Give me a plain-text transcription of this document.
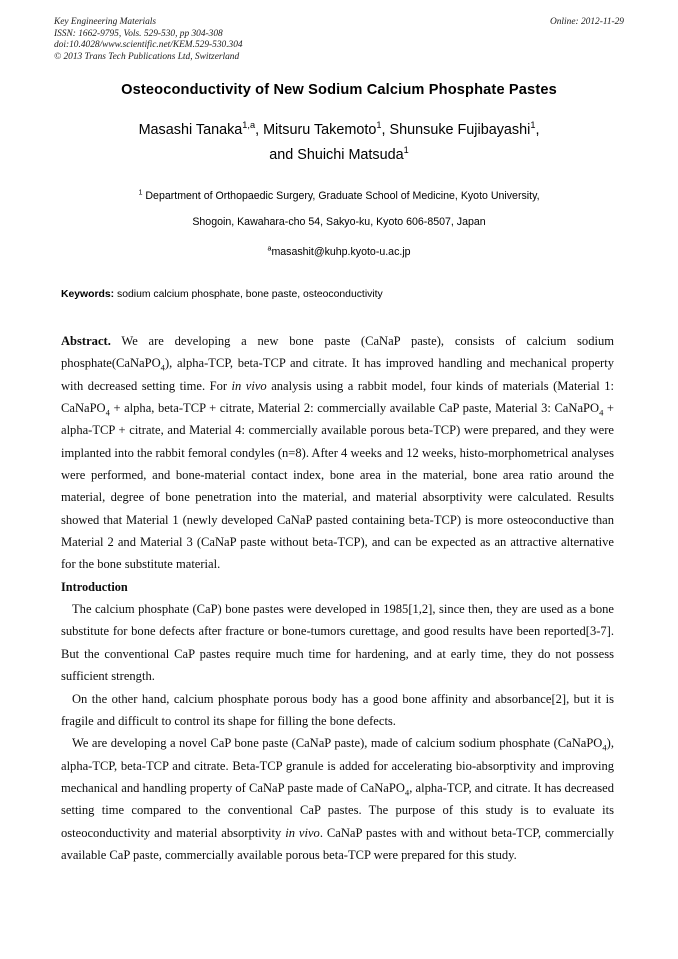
Key Engineering Materials
ISSN: 1662-9795, Vols. 529-530, pp 304-308
doi:10.4028/www.scientific.net/KEM.529-530.304
© 2013 Trans Tech Publications Ltd, Switzerland
Online: 2012-11-29
Osteoconductivity of New Sodium Calcium Phosphate Pastes
Masashi Tanaka$^{1,a}$, Mitsuru Takemoto$^1$, Shunsuke Fujibayashi$^1$,
and Shuichi Matsuda$^1$
$^1$ Department of Orthopaedic Surgery, Graduate School of Medicine, Kyoto University,
Shogoin, Kawahara-cho 54, Sakyo-ku, Kyoto 606-8507, Japan
$^a$masashit@kuhp.kyoto-u.ac.jp
Keywords: sodium calcium phosphate, bone paste, osteoconductivity

Abstract. We are developing a new bone paste (CaNaP paste), consists of calcium sodium phosphate(CaNaPO$_4$), alpha-TCP, beta-TCP and citrate. It has improved handling and mechanical property with decreased setting time. For in vivo analysis using a rabbit model, four kinds of materials (Material 1: CaNaPO$_4$ + alpha, beta-TCP + citrate, Material 2: commercially available CaP paste, Material 3: CaNaPO$_4$ + alpha-TCP + citrate, and Material 4: commercially available porous beta-TCP) were prepared, and they were implanted into the rabbit femoral condyles (n=8). After 4 weeks and 12 weeks, histo-morphometrical analyses were performed, and bone-material contact index, bone area in the material, bone area ratio around the material, degree of bone penetration into the material, and material absorptivity were calculated. Results showed that Material 1 (newly developed CaNaP pasted containing beta-TCP) is more osteoconductive than Material 2 and Material 3 (CaNaP paste without beta-TCP), and can be expected as an attractive alternative for the bone substitute material.

Introduction

The calcium phosphate (CaP) bone pastes were developed in 1985[1,2], since then, they are used as a bone substitute for bone defects after fracture or bone-tumors curettage, and good results have been reported[3-7]. But the conventional CaP pastes require much time for hardening, and at early time, they do not possess sufficient strength.

On the other hand, calcium phosphate porous body has a good bone affinity and absorbance[2], but it is fragile and difficult to control its shape for filling the bone defects.

We are developing a novel CaP bone paste (CaNaP paste), made of calcium sodium phosphate (CaNaPO$_4$), alpha-TCP, beta-TCP and citrate. Beta-TCP granule is added for accelerating bio-absorptivity and improving mechanical and handling property of CaNaP paste made of CaNaPO$_4$, alpha-TCP, and citrate. It has decreased setting time compared to the conventional CaP pastes. The purpose of this study is to evaluate its osteoconductivity and material absorptivity in vivo. CaNaP pastes with and without beta-TCP, commercially available CaP paste, commercially available porous beta-TCP were prepared for this study.
